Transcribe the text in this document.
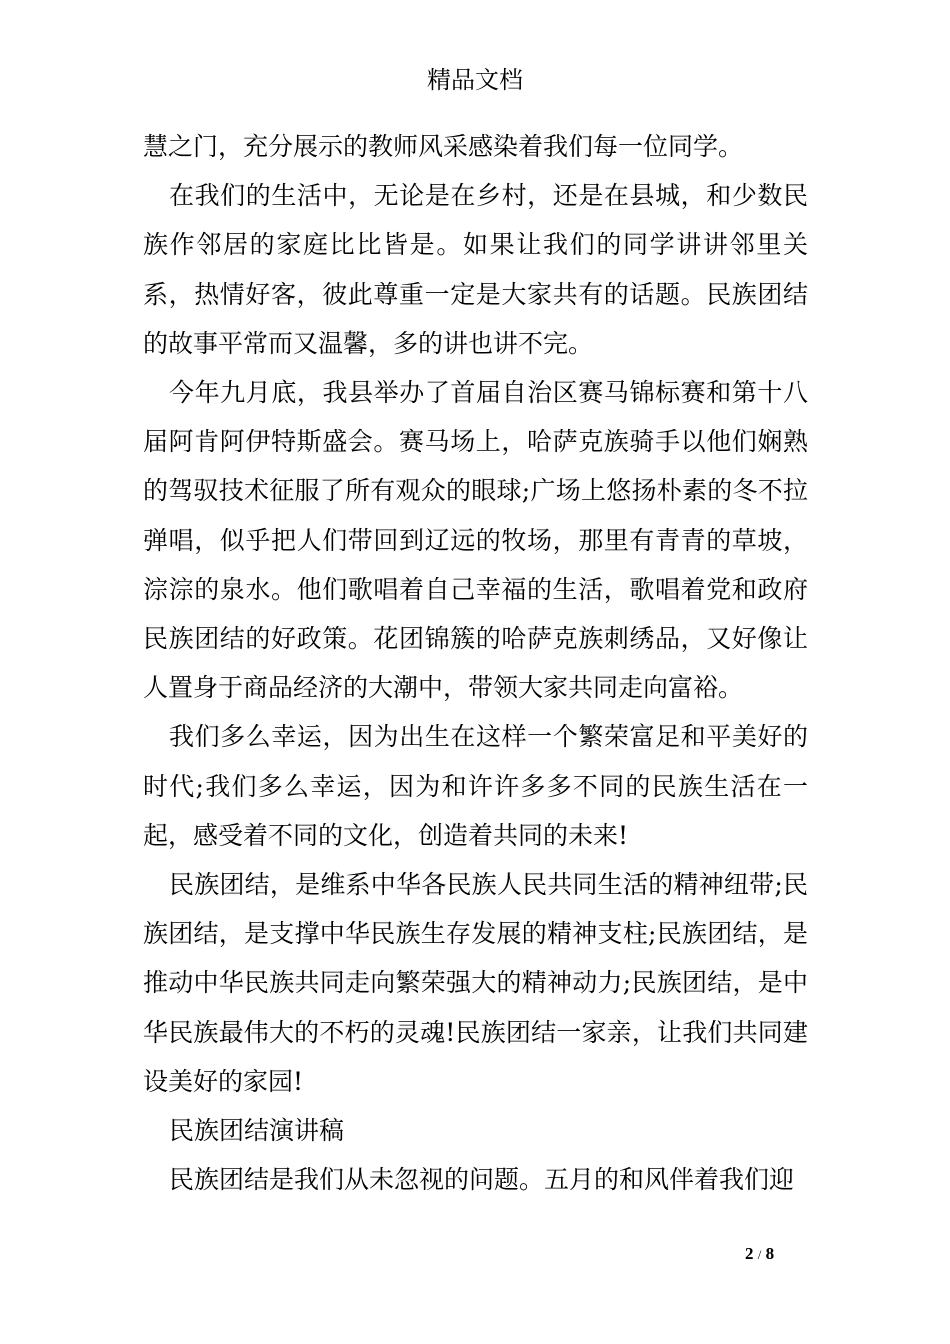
精品文档

慧之门，充分展示的教师风采感染着我们每一位同学。

在我们的生活中，无论是在乡村，还是在县城，和少数民族作邻居的家庭比比皆是。如果让我们的同学讲讲邻里关系，热情好客，彼此尊重一定是大家共有的话题。民族团结的故事平常而又温馨，多的讲也讲不完。

今年九月底，我县举办了首届自治区赛马锦标赛和第十八届阿肯阿伊特斯盛会。赛马场上，哈萨克族骑手以他们娴熟的驾驭技术征服了所有观众的眼球;广场上悠扬朴素的冬不拉弹唱，似乎把人们带回到辽远的牧场，那里有青青的草坡，淙淙的泉水。他们歌唱着自己幸福的生活，歌唱着党和政府民族团结的好政策。花团锦簇的哈萨克族刺绣品，又好像让人置身于商品经济的大潮中，带领大家共同走向富裕。

我们多么幸运，因为出生在这样一个繁荣富足和平美好的时代;我们多么幸运，因为和许许多多不同的民族生活在一起，感受着不同的文化，创造着共同的未来!

民族团结，是维系中华各民族人民共同生活的精神纽带;民族团结，是支撑中华民族生存发展的精神支柱;民族团结，是推动中华民族共同走向繁荣强大的精神动力;民族团结，是中华民族最伟大的不朽的灵魂!民族团结一家亲，让我们共同建设美好的家园!

民族团结演讲稿

民族团结是我们从未忽视的问题。五月的和风伴着我们迎

2 / 8
